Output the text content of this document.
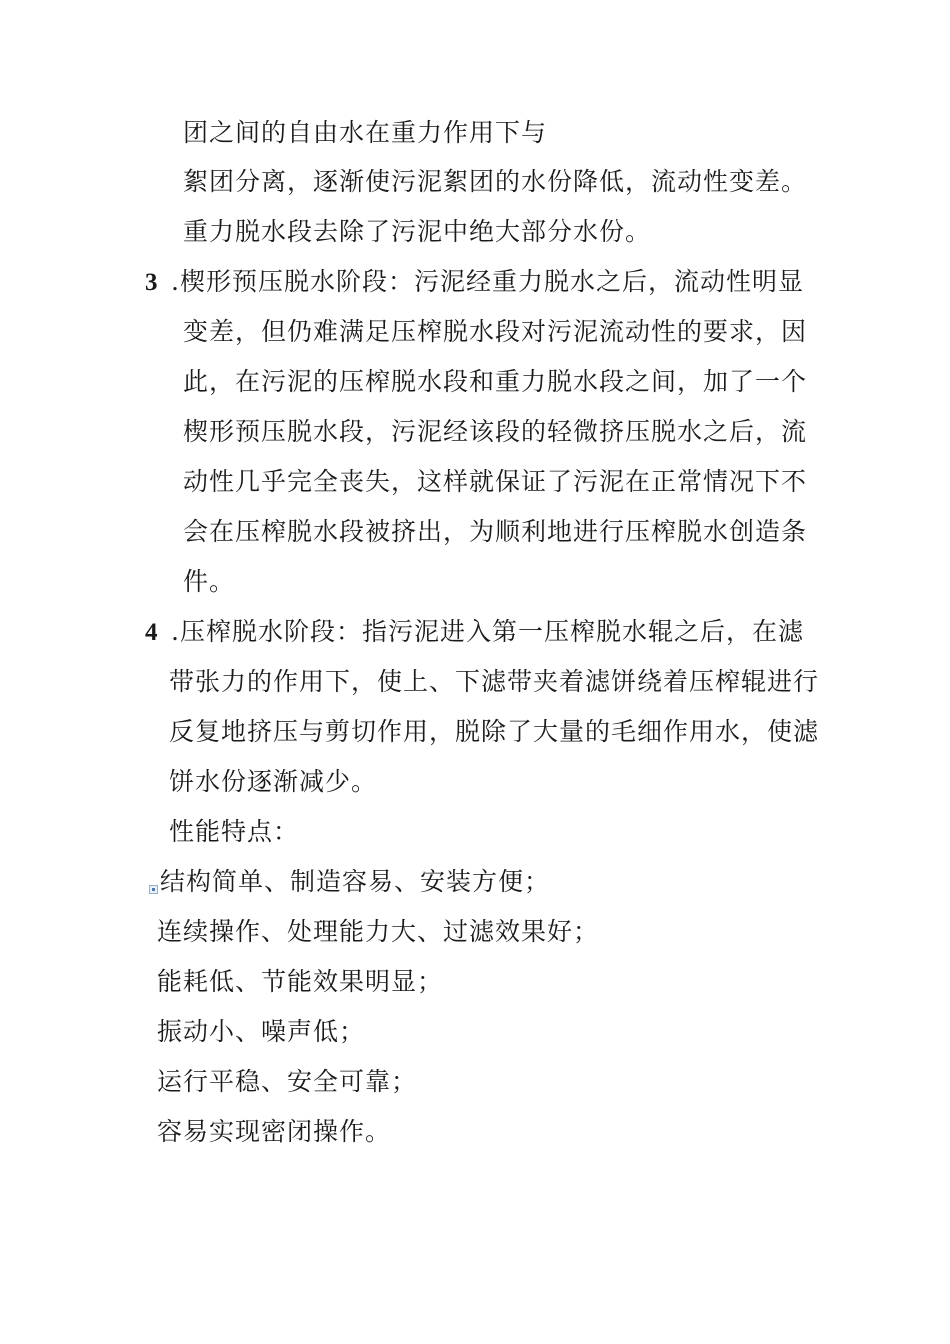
团之间的自由水在重力作用下与
絮团分离，逐渐使污泥絮团的水份降低，流动性变差。
重力脱水段去除了污泥中绝大部分水份。
3 .楔形预压脱水阶段：污泥经重力脱水之后，流动性明显
变差，但仍难满足压榨脱水段对污泥流动性的要求，因
此，在污泥的压榨脱水段和重力脱水段之间，加了一个
楔形预压脱水段，污泥经该段的轻微挤压脱水之后，流
动性几乎完全丧失，这样就保证了污泥在正常情况下不
会在压榨脱水段被挤出，为顺利地进行压榨脱水创造条
件。
4 .压榨脱水阶段：指污泥进入第一压榨脱水辊之后，在滤
带张力的作用下，使上、下滤带夹着滤饼绕着压榨辊进行
反复地挤压与剪切作用，脱除了大量的毛细作用水，使滤
饼水份逐渐减少。
性能特点：
结构简单、制造容易、安装方便；
连续操作、处理能力大、过滤效果好；
能耗低、节能效果明显；
振动小、噪声低；
运行平稳、安全可靠；
容易实现密闭操作。
